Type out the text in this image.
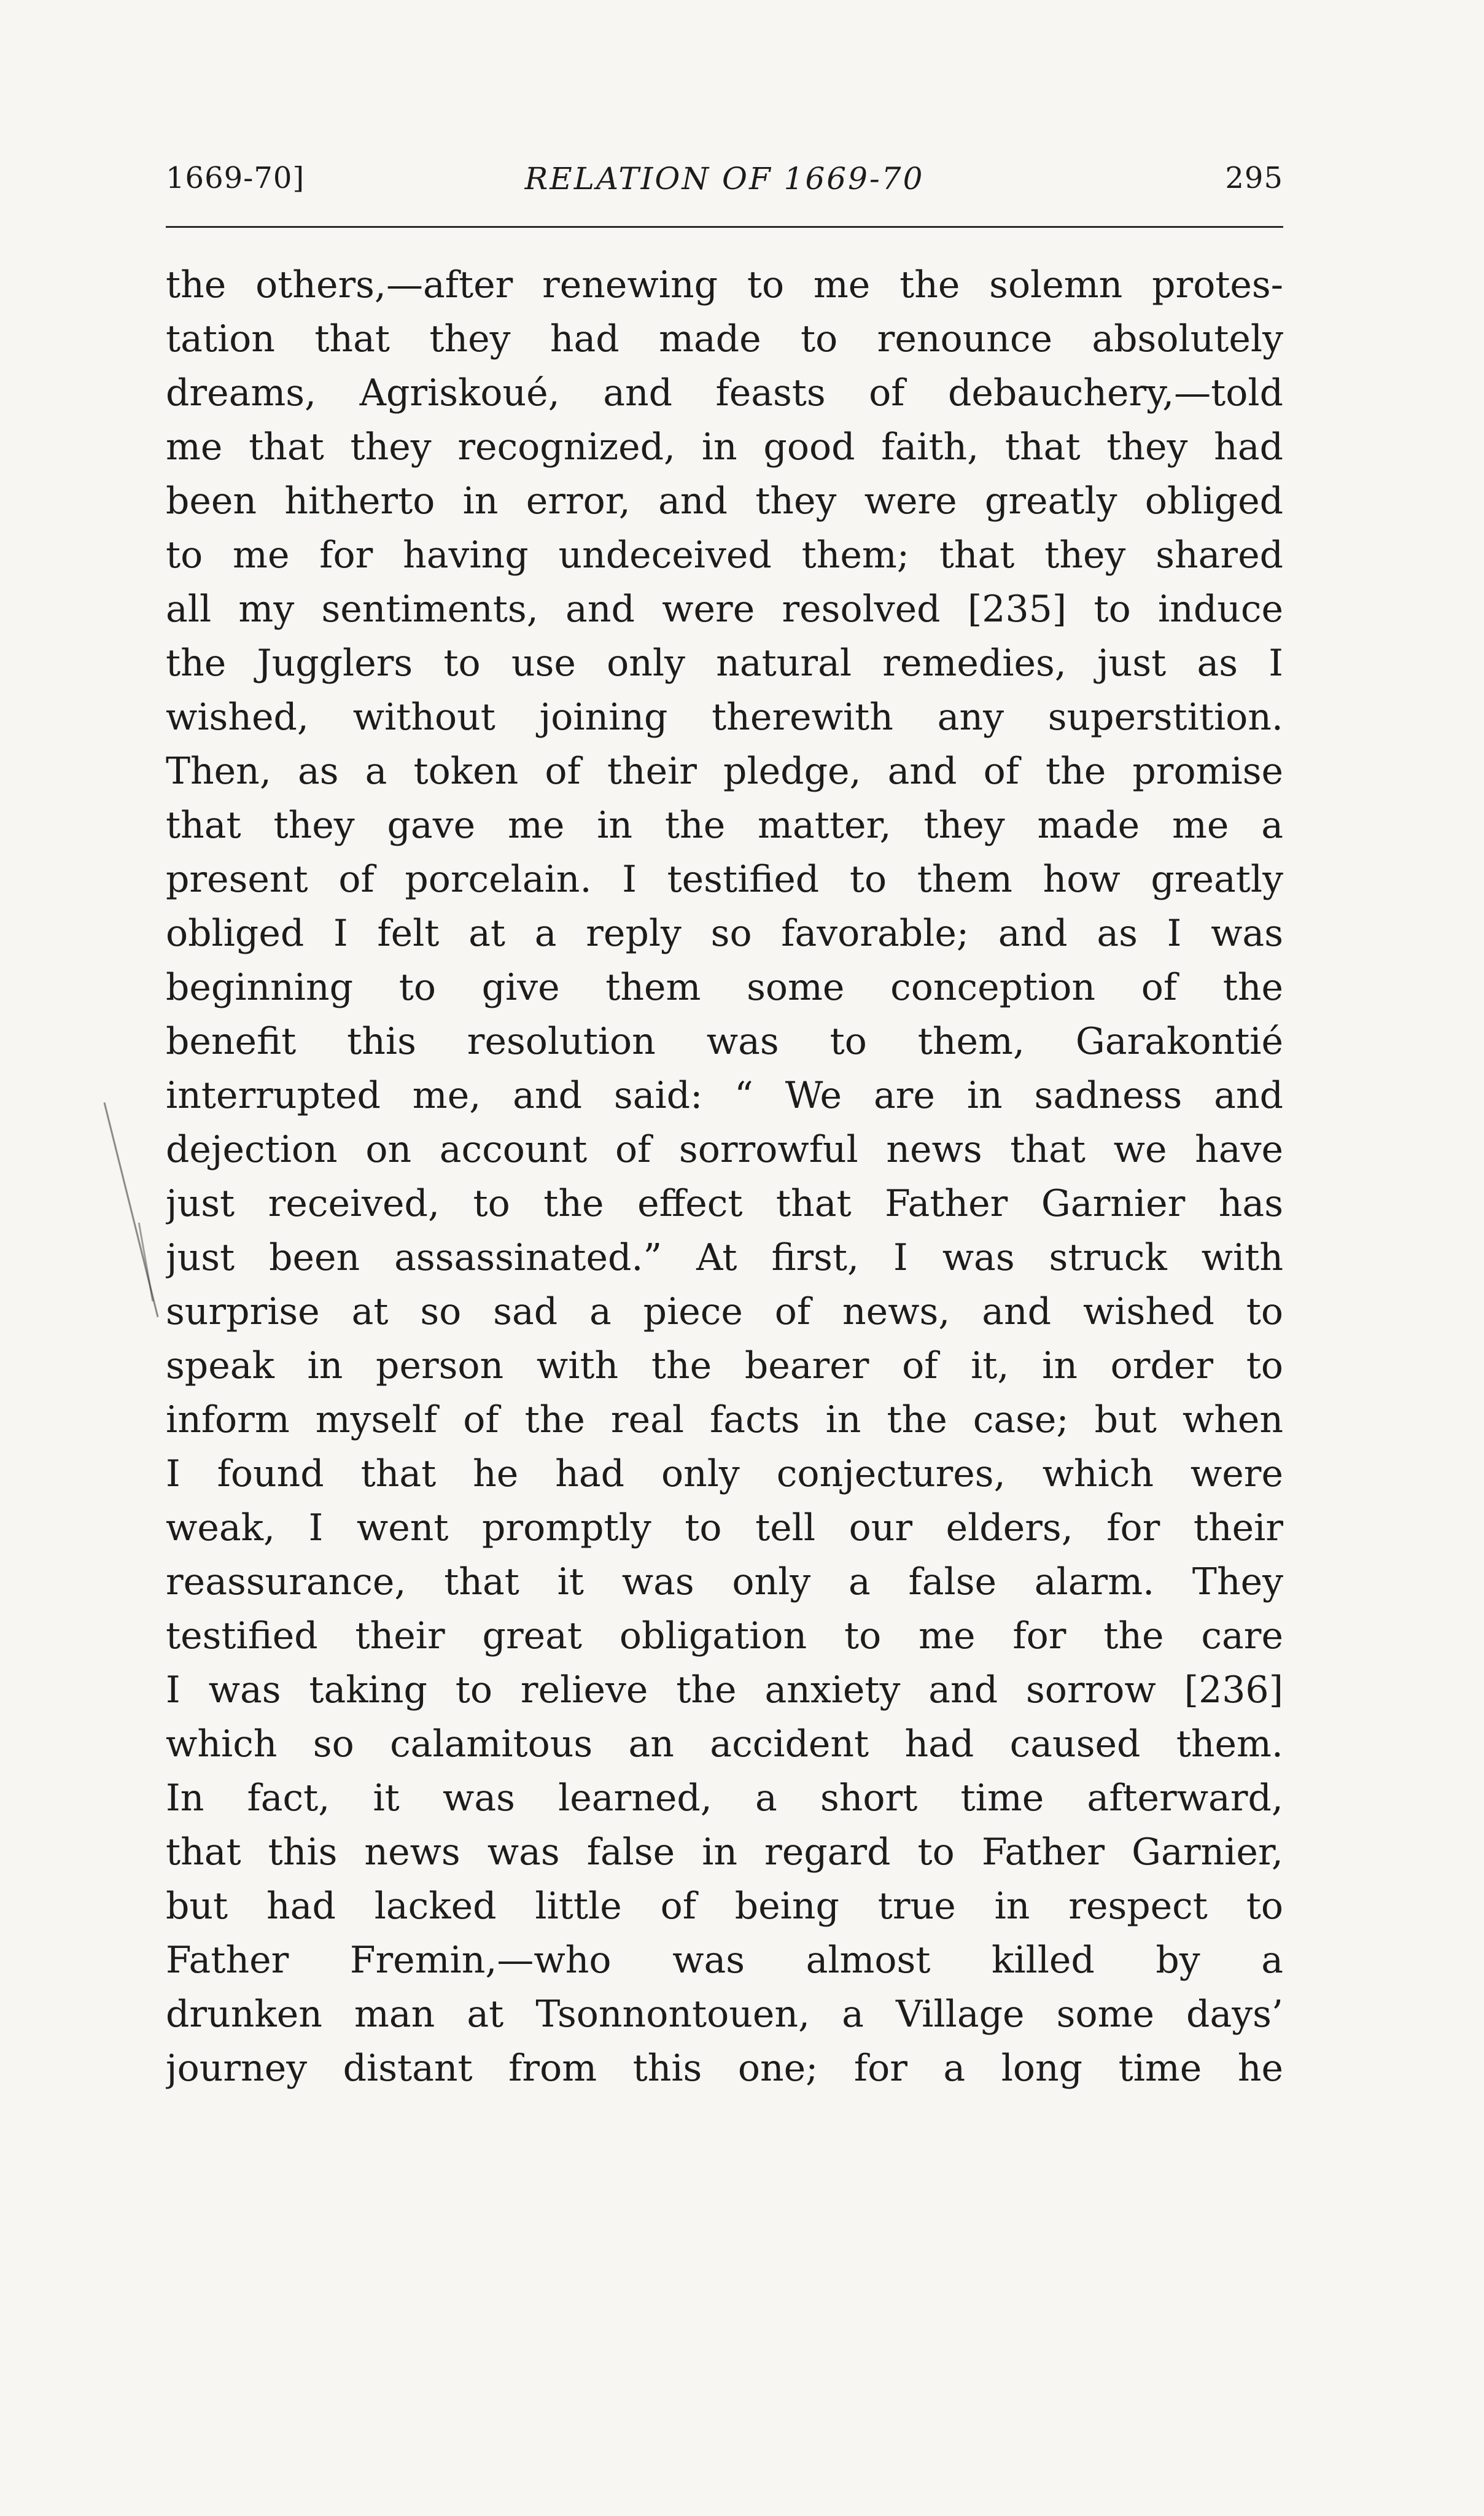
1669-70]	RELATION OF 1669-70	295
the others,—after renewing to me the solemn protes-
tation that they had made to renounce absolutely
dreams, Agriskoué, and feasts of debauchery,—told
me that they recognized, in good faith, that they had
been hitherto in error, and they were greatly obliged
to me for having undeceived them; that they shared
all my sentiments, and were resolved [235] to induce
the Jugglers to use only natural remedies, just as I
wished, without joining therewith any superstition.
Then, as a token of their pledge, and of the promise
that they gave me in the matter, they made me a
present of porcelain. I testified to them how greatly
obliged I felt at a reply so favorable; and as I was
beginning to give them some conception of the
benefit this resolution was to them, Garakontié
interrupted me, and said: “ We are in sadness and
dejection on account of sorrowful news that we have
just received, to the effect that Father Garnier has
just been assassinated.” At first, I was struck with
surprise at so sad a piece of news, and wished to
speak in person with the bearer of it, in order to
inform myself of the real facts in the case; but when
I found that he had only conjectures, which were
weak, I went promptly to tell our elders, for their
reassurance, that it was only a false alarm. They
testified their great obligation to me for the care
I was taking to relieve the anxiety and sorrow [236]
which so calamitous an accident had caused them.
In fact, it was learned, a short time afterward,
that this news was false in regard to Father Garnier,
but had lacked little of being true in respect to
Father Fremin,—who was almost killed by a
drunken man at Tsonnontouen, a Village some days’
journey distant from this one; for a long time he
